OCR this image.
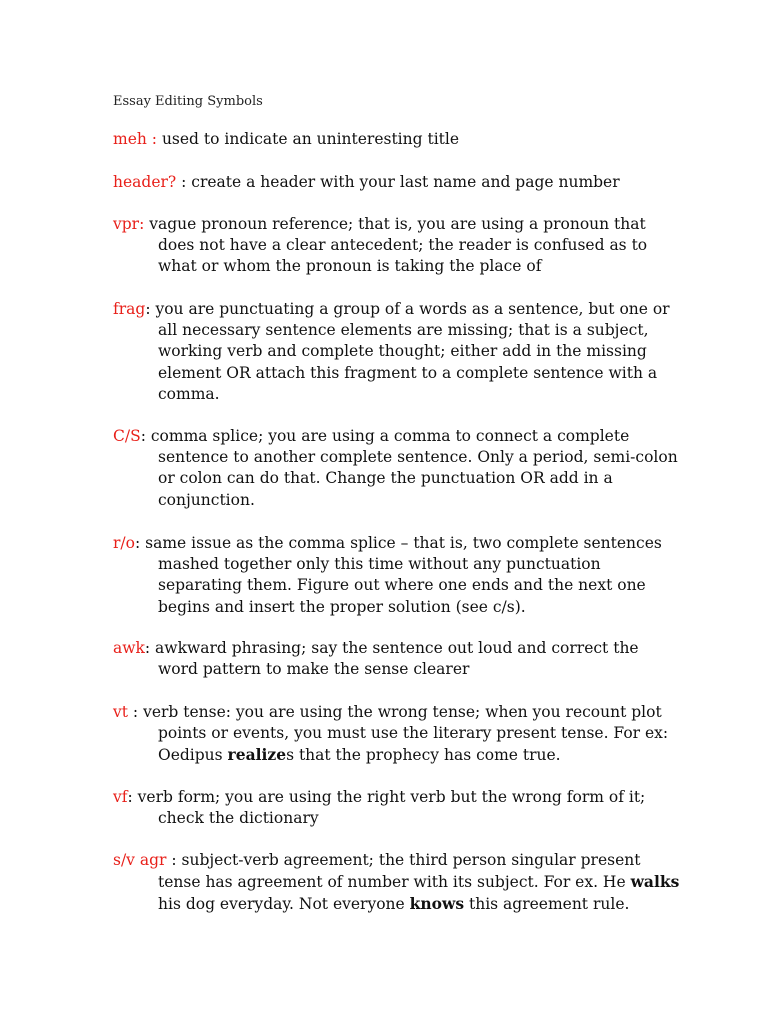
Essay Editing Symbols
meh : used to indicate an uninteresting title
header? : create a header with your last name and page number
vpr: vague pronoun reference; that is, you are using a pronoun that
does not have a clear antecedent; the reader is confused as to
what or whom the pronoun is taking the place of
frag: you are punctuating a group of a words as a sentence, but one or
all necessary sentence elements are missing; that is a subject,
working verb and complete thought; either add in the missing
element OR attach this fragment to a complete sentence with a
comma.
C/S: comma splice; you are using a comma to connect a complete
sentence to another complete sentence. Only a period, semi-colon
or colon can do that. Change the punctuation OR add in a
conjunction.
r/o: same issue as the comma splice – that is, two complete sentences
mashed together only this time without any punctuation
separating them. Figure out where one ends and the next one
begins and insert the proper solution (see c/s).
awk: awkward phrasing; say the sentence out loud and correct the
word pattern to make the sense clearer
vt : verb tense: you are using the wrong tense; when you recount plot
points or events, you must use the literary present tense. For ex:
Oedipus realizes that the prophecy has come true.
vf: verb form; you are using the right verb but the wrong form of it;
check the dictionary
s/v agr : subject-verb agreement; the third person singular present
tense has agreement of number with its subject. For ex. He walks
his dog everyday. Not everyone knows this agreement rule.
